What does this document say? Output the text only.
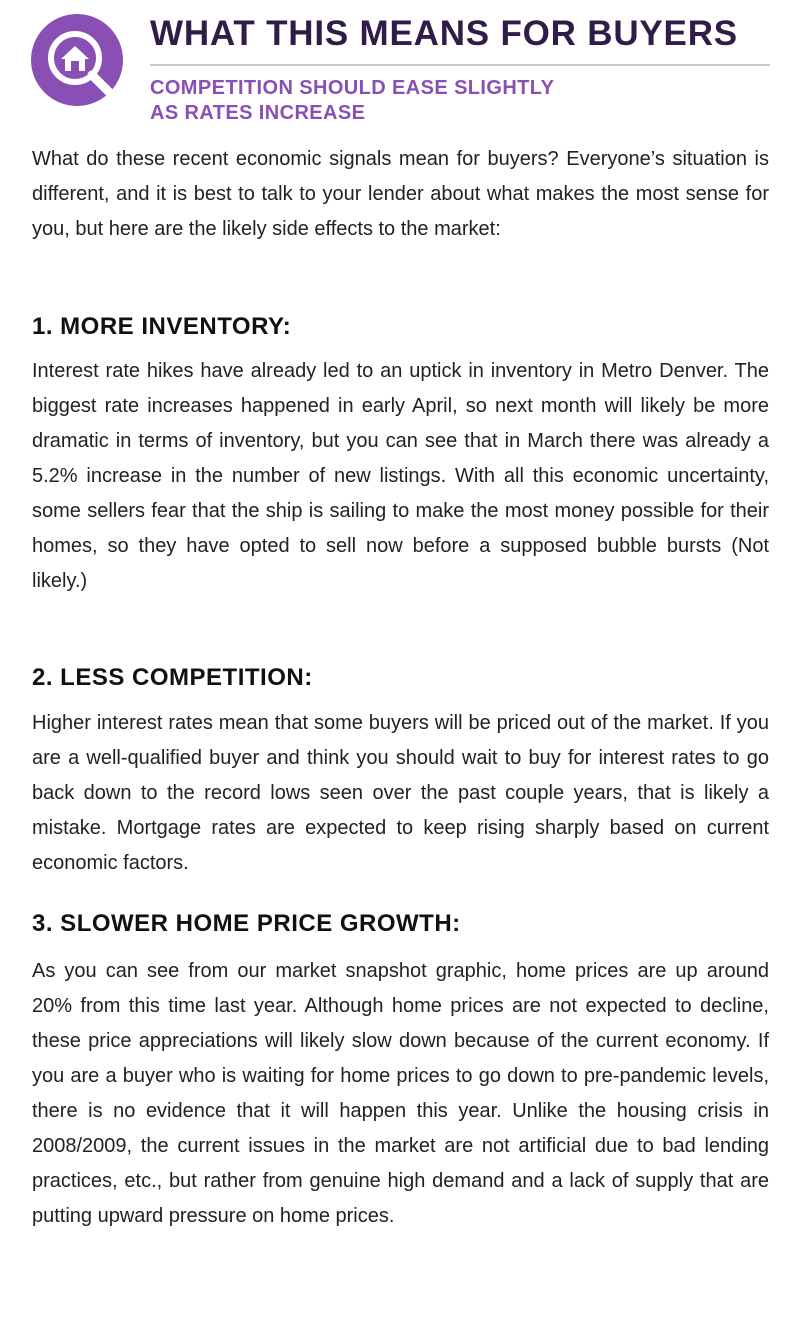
WHAT THIS MEANS FOR BUYERS
COMPETITION SHOULD EASE SLIGHTLY
AS RATES INCREASE

What do these recent economic signals mean for buyers? Everyone’s situation is different, and it is best to talk to your lender about what makes the most sense for you, but here are the likely side effects to the market:

1. MORE INVENTORY:

Interest rate hikes have already led to an uptick in inventory in Metro Denver. The biggest rate increases happened in early April, so next month will likely be more dramatic in terms of inventory, but you can see that in March there was already a 5.2% increase in the number of new listings. With all this economic uncertainty, some sellers fear that the ship is sailing to make the most money possible for their homes, so they have opted to sell now before a supposed bubble bursts (Not likely.)

2. LESS COMPETITION:

Higher interest rates mean that some buyers will be priced out of the market. If you are a well-qualified buyer and think you should wait to buy for interest rates to go back down to the record lows seen over the past couple years, that is likely a mistake. Mortgage rates are expected to keep rising sharply based on current economic factors.

3. SLOWER HOME PRICE GROWTH:

As you can see from our market snapshot graphic, home prices are up around 20% from this time last year. Although home prices are not expected to decline, these price appreciations will likely slow down because of the current economy. If you are a buyer who is waiting for home prices to go down to pre-pandemic levels, there is no evidence that it will happen this year. Unlike the housing crisis in 2008/2009, the current issues in the market are not artificial due to bad lending practices, etc., but rather from genuine high demand and a lack of supply that are putting upward pressure on home prices.
